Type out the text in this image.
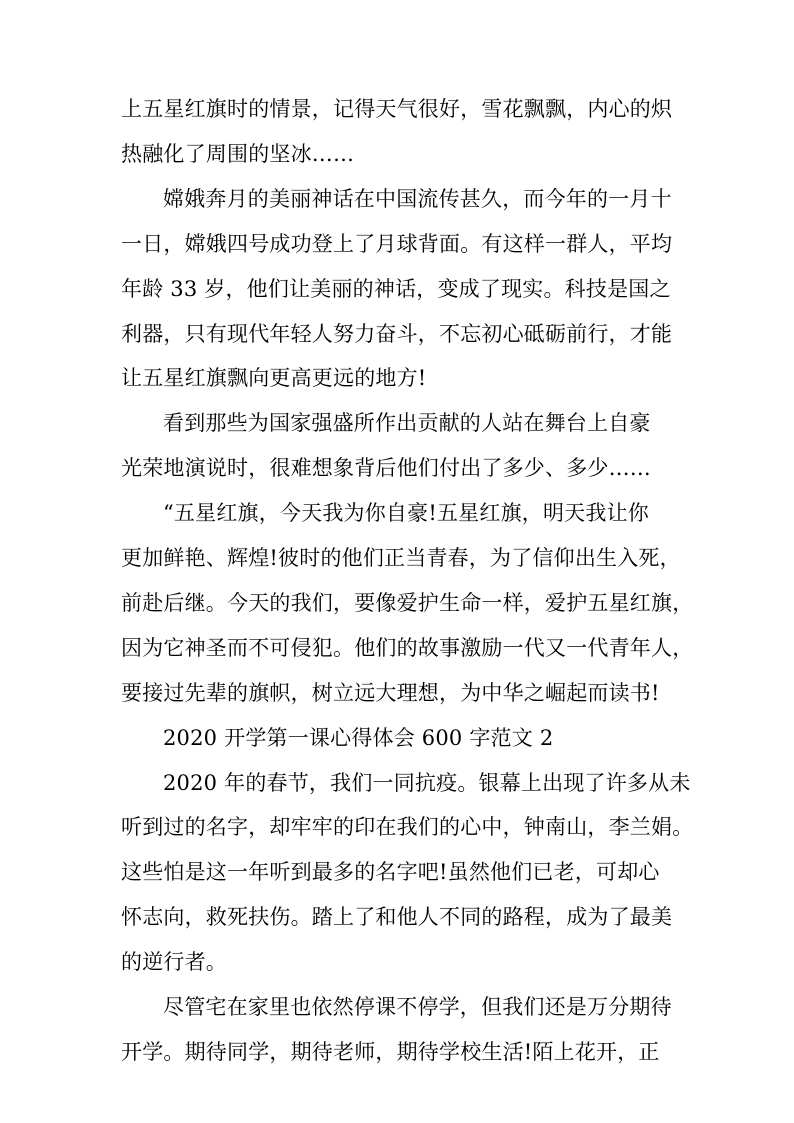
上五星红旗时的情景，记得天气很好，雪花飘飘，内心的炽
热融化了周围的坚冰……
嫦娥奔月的美丽神话在中国流传甚久，而今年的一月十
一日，嫦娥四号成功登上了月球背面。有这样一群人，平均
年龄 33 岁，他们让美丽的神话，变成了现实。科技是国之
利器，只有现代年轻人努力奋斗，不忘初心砥砺前行，才能
让五星红旗飘向更高更远的地方!
看到那些为国家强盛所作出贡献的人站在舞台上自豪
光荣地演说时，很难想象背后他们付出了多少、多少……
“五星红旗，今天我为你自豪!五星红旗，明天我让你
更加鲜艳、辉煌!彼时的他们正当青春，为了信仰出生入死，
前赴后继。今天的我们，要像爱护生命一样，爱护五星红旗，
因为它神圣而不可侵犯。他们的故事激励一代又一代青年人，
要接过先辈的旗帜，树立远大理想，为中华之崛起而读书!
2020 开学第一课心得体会 600 字范文 2
2020 年的春节，我们一同抗疫。银幕上出现了许多从未
听到过的名字，却牢牢的印在我们的心中，钟南山，李兰娟。
这些怕是这一年听到最多的名字吧!虽然他们已老，可却心
怀志向，救死扶伤。踏上了和他人不同的路程，成为了最美
的逆行者。
尽管宅在家里也依然停课不停学，但我们还是万分期待
开学。期待同学，期待老师，期待学校生活!陌上花开，正
